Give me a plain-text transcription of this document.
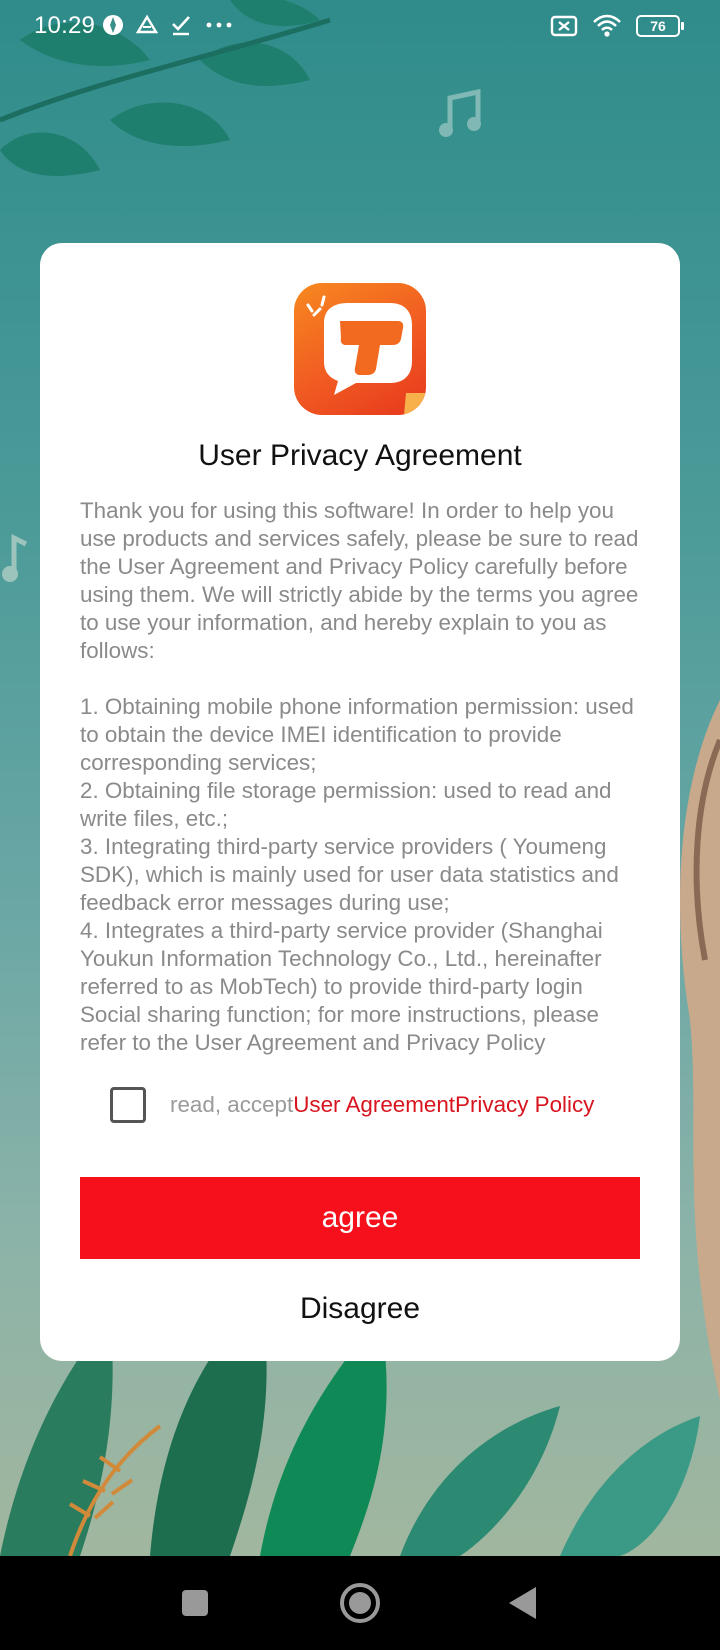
10:29	76
User Privacy Agreement

Thank you for using this software! In order to help you use products and services safely, please be sure to read the User Agreement and Privacy Policy carefully before using them. We will strictly abide by the terms you agree to use your information, and hereby explain to you as follows:

1. Obtaining mobile phone information permission: used to obtain the device IMEI identification to provide corresponding services;

2. Obtaining file storage permission: used to read and write files, etc.;

3. Integrating third-party service providers ( Youmeng SDK), which is mainly used for user data statistics and feedback error messages during use;

4. Integrates a third-party service provider (Shanghai Youkun Information Technology Co., Ltd., hereinafter referred to as MobTech) to provide third-party login Social sharing function; for more instructions, please refer to the User Agreement and Privacy Policy

read, acceptUser AgreementPrivacy Policy
agree
Disagree
